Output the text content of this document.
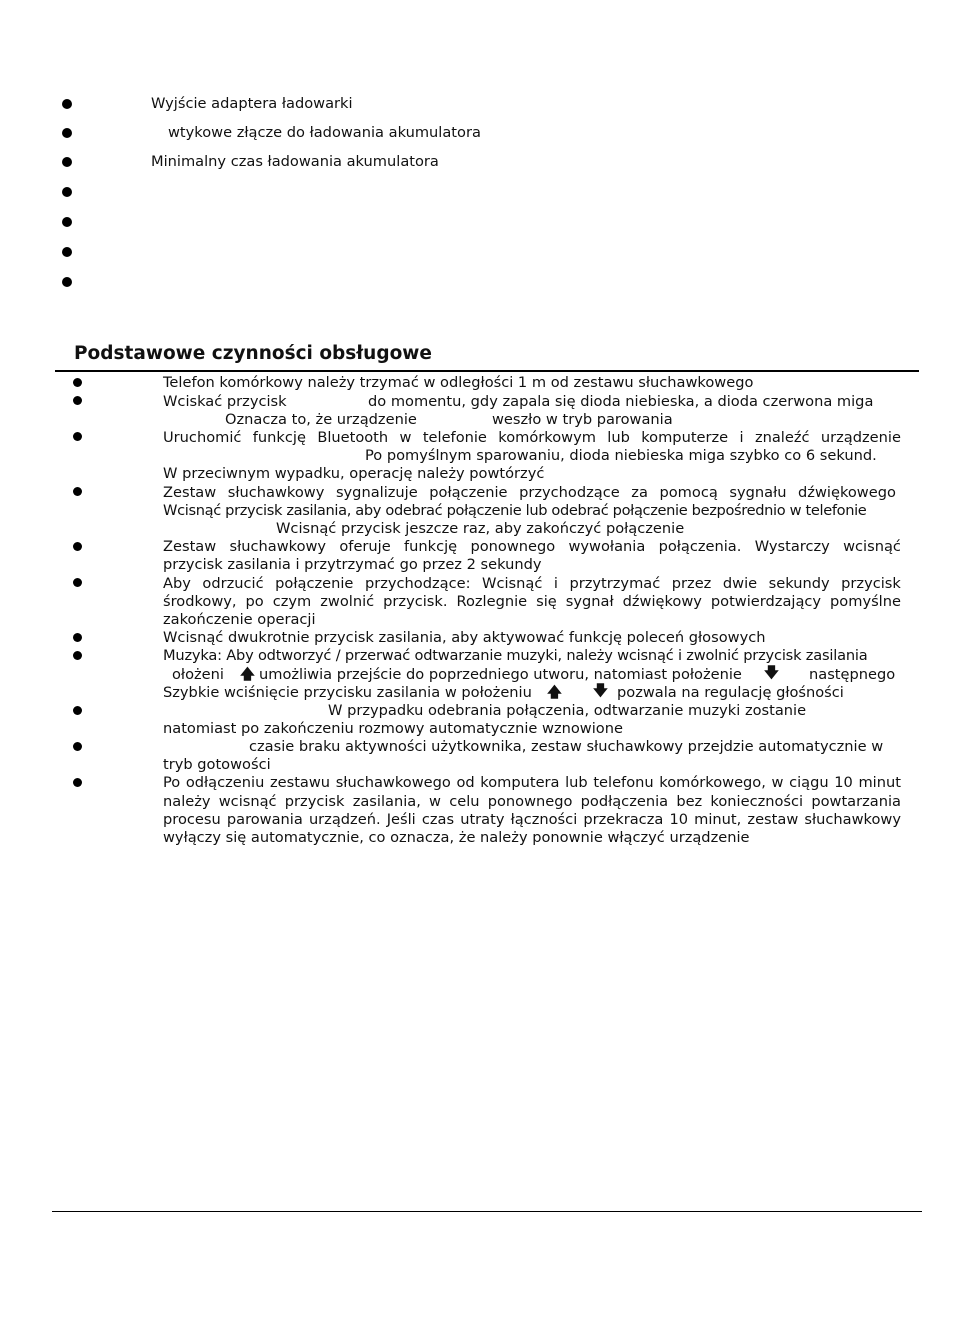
Wyjście adaptera ładowarki
wtykowe złącze do ładowania akumulatora
Minimalny czas ładowania akumulatora
Podstawowe czynności obsługowe
Telefon komórkowy należy trzymać w odległości 1 m od zestawu słuchawkowego
Wciskać przycisk	do momentu, gdy zapala się dioda niebieska, a dioda czerwona miga
Oznacza to, że urządzenie	weszło w tryb parowania
Uruchomić funkcję Bluetooth w telefonie komórkowym lub komputerze i znaleźć urządzenie
Po pomyślnym sparowaniu, dioda niebieska miga szybko co 6 sekund.
W przeciwnym wypadku, operację należy powtórzyć
Zestaw słuchawkowy sygnalizuje połączenie przychodzące za pomocą sygnału dźwiękowego
Wcisnąć przycisk zasilania, aby odebrać połączenie lub odebrać połączenie bezpośrednio w telefonie
Wcisnąć przycisk jeszcze raz, aby zakończyć połączenie
Zestaw słuchawkowy oferuje funkcję ponownego wywołania połączenia. Wystarczy wcisnąć
przycisk zasilania i przytrzymać go przez 2 sekundy
Aby odrzucić połączenie przychodzące: Wcisnąć i przytrzymać przez dwie sekundy przycisk
środkowy, po czym zwolnić przycisk. Rozlegnie się sygnał dźwiękowy potwierdzający pomyślne
zakończenie operacji
Wcisnąć dwukrotnie przycisk zasilania, aby aktywować funkcję poleceń głosowych
Muzyka: Aby odtworzyć / przerwać odtwarzanie muzyki, należy wcisnąć i zwolnić przycisk zasilania
ołożeni 🡅 umożliwia przejście do poprzedniego utworu, natomiast położenie 🡇 następnego
Szybkie wciśnięcie przycisku zasilania w położeniu 🡅 🡇 pozwala na regulację głośności
W przypadku odebrania połączenia, odtwarzanie muzyki zostanie
natomiast po zakończeniu rozmowy automatycznie wznowione
czasie braku aktywności użytkownika, zestaw słuchawkowy przejdzie automatycznie w
tryb gotowości
Po odłączeniu zestawu słuchawkowego od komputera lub telefonu komórkowego, w ciągu 10 minut
należy wcisnąć przycisk zasilania, w celu ponownego podłączenia bez konieczności powtarzania
procesu parowania urządzeń. Jeśli czas utraty łączności przekracza 10 minut, zestaw słuchawkowy
wyłączy się automatycznie, co oznacza, że należy ponownie włączyć urządzenie
